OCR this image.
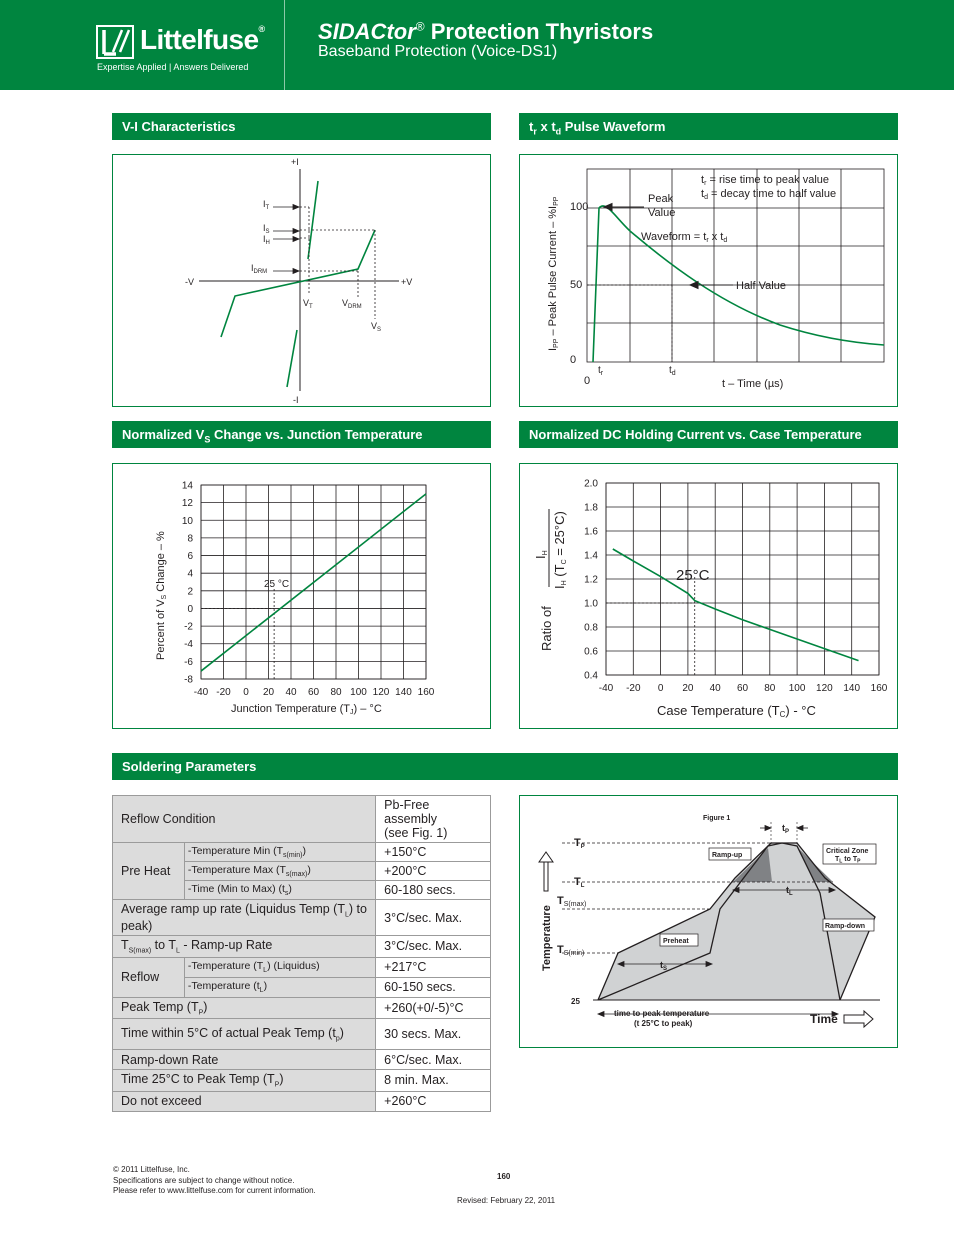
Littelfuse®
Expertise Applied | Answers Delivered
SIDACtor® Protection Thyristors
Baseband Protection (Voice-DS1)
V-I Characteristics	$t_r$ x $t_d$ Pulse Waveform
Normalized $V_S$ Change vs. Junction Temperature	Normalized DC Holding Current vs. Case Temperature
Soldering Parameters
+I
-I
-V	+V
$I_T$
$I_S$
$I_H$
$I_{DRM}$
$V_T$	$V_{DRM}$
$V_S$
100
50
0
0
$t_r$	$t_d$
t – Time (µs)
IPP – Peak Pulse Current – %IPP
tr = rise time to peak value
td = decay time to half value
Peak
Value
Waveform = tr x td
Half Value
14
12
10
8
6
4
2
0
-2
-4
-6
-8
-40 -20 0 20 40 60 80 100 120 140 160
25 °C
Junction Temperature (TJ) – °C
Percent of VS Change – %
2.0
1.8
1.6
1.4
1.2
1.0
0.8
0.6
0.4
-40 -20 0 20 40 60 80 100 120 140 160
25°C
Case Temperature (TC) - °C
Ratio of
IH
IH (TC = 25°C)
Reflow Condition		Pb-Free assembly
(see Fig. 1)
Pre Heat	-Temperature Min $(T_{s(min)})$	+150°C
	-Temperature Max $(T_{s(max)})$	+200°C
	-Time (Min to Max) $(t_s)$	60-180 secs.
Average ramp up rate (Liquidus Temp $(T_L)$ to peak)		3°C/sec. Max.
$T_{S(max)}$ to $T_L$ - Ramp-up Rate		3°C/sec. Max.
Reflow	-Temperature $(T_L)$ (Liquidus)	+217°C
	-Temperature $(t_L)$	60-150 secs.
Peak Temp $(T_P)$		+260(+0/-5)°C
Time within 5°C of actual Peak Temp $(t_p)$		30 secs. Max.
Ramp-down Rate		6°C/sec. Max.
Time 25°C to Peak Temp $(T_P)$		8 min. Max.
Do not exceed		+260°C
Figure 1
$t_P$
$t_L$
$t_S$
TP
TL
TS(max)
TS(min)
25
Temperature
Ramp-up
Ramp-down
Preheat
Critical Zone
$T_L$ to $T_P$
time to peak temperature
(t 25°C to peak)	Time
© 2011 Littelfuse, Inc.
Specifications are subject to change without notice.
Please refer to www.littelfuse.com for current information.
160
Revised: February 22, 2011
